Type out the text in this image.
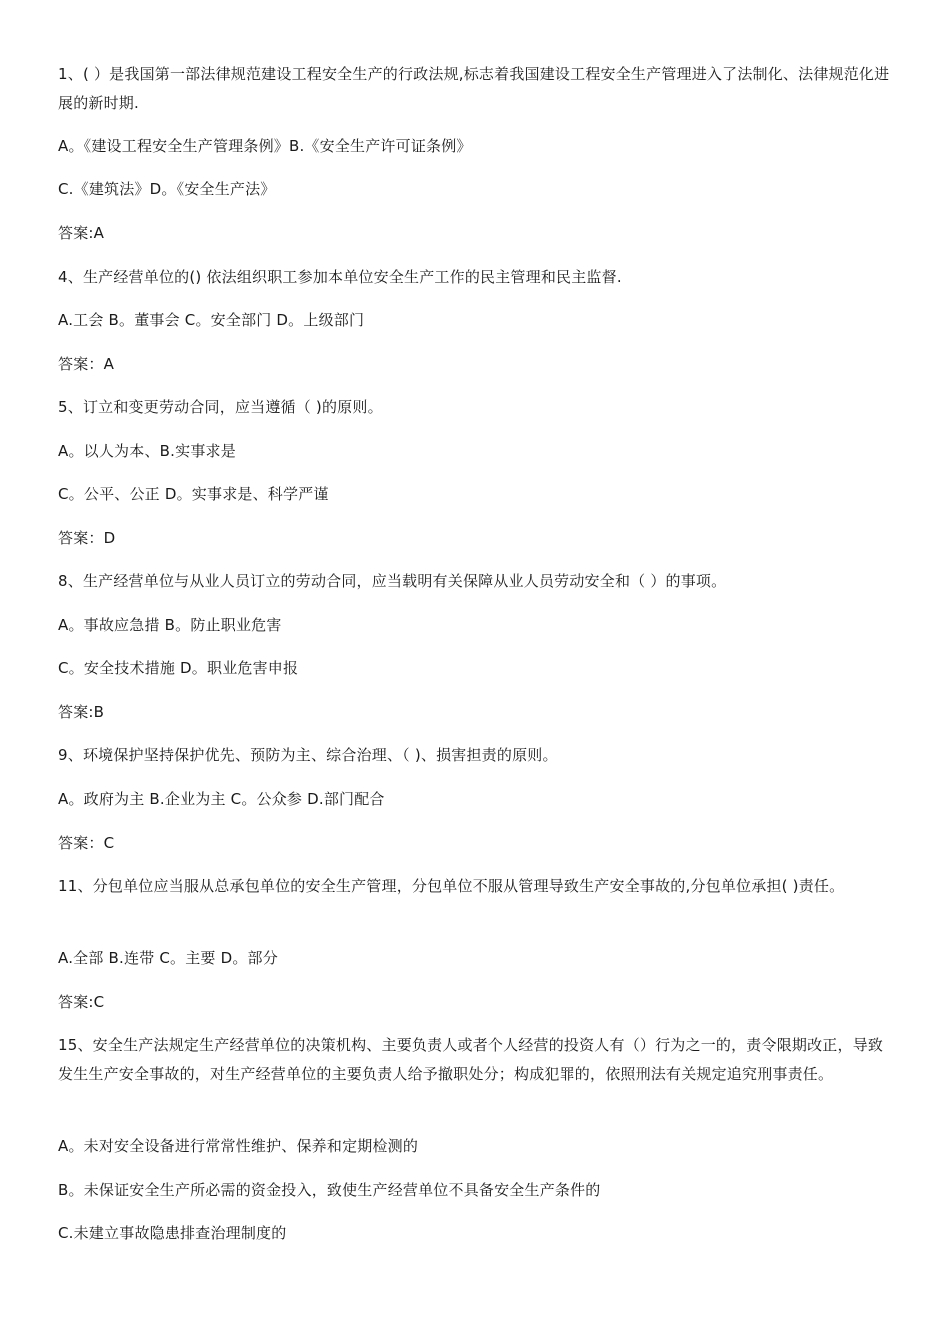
1、( ）是我国第一部法律规范建设工程安全生产的行政法规,标志着我国建设工程安全生产管理进入了法制化、法律规范化进展的新时期.
A。《建设工程安全生产管理条例》B.《安全生产许可证条例》
C.《建筑法》D。《安全生产法》
答案:A
4、生产经营单位的() 依法组织职工参加本单位安全生产工作的民主管理和民主监督.
A.工会 B。董事会 C。安全部门 D。上级部门
答案：A
5、订立和变更劳动合同，应当遵循（ )的原则。
A。以人为本、B.实事求是
C。公平、公正 D。实事求是、科学严谨
答案：D
8、生产经营单位与从业人员订立的劳动合同，应当载明有关保障从业人员劳动安全和（ ）的事项。
A。事故应急措 B。防止职业危害
C。安全技术措施 D。职业危害申报
答案:B
9、环境保护坚持保护优先、预防为主、综合治理、（ )、损害担责的原则。
A。政府为主 B.企业为主 C。公众参 D.部门配合
答案：C
11、分包单位应当服从总承包单位的安全生产管理，分包单位不服从管理导致生产安全事故的,分包单位承担( )责任。
A.全部 B.连带 C。主要 D。部分
答案:C
15、安全生产法规定生产经营单位的决策机构、主要负责人或者个人经营的投资人有（）行为之一的，责令限期改正，导致发生生产安全事故的，对生产经营单位的主要负责人给予撤职处分；构成犯罪的，依照刑法有关规定追究刑事责任。
A。未对安全设备进行常常性维护、保养和定期检测的
B。未保证安全生产所必需的资金投入，致使生产经营单位不具备安全生产条件的
C.未建立事故隐患排查治理制度的
